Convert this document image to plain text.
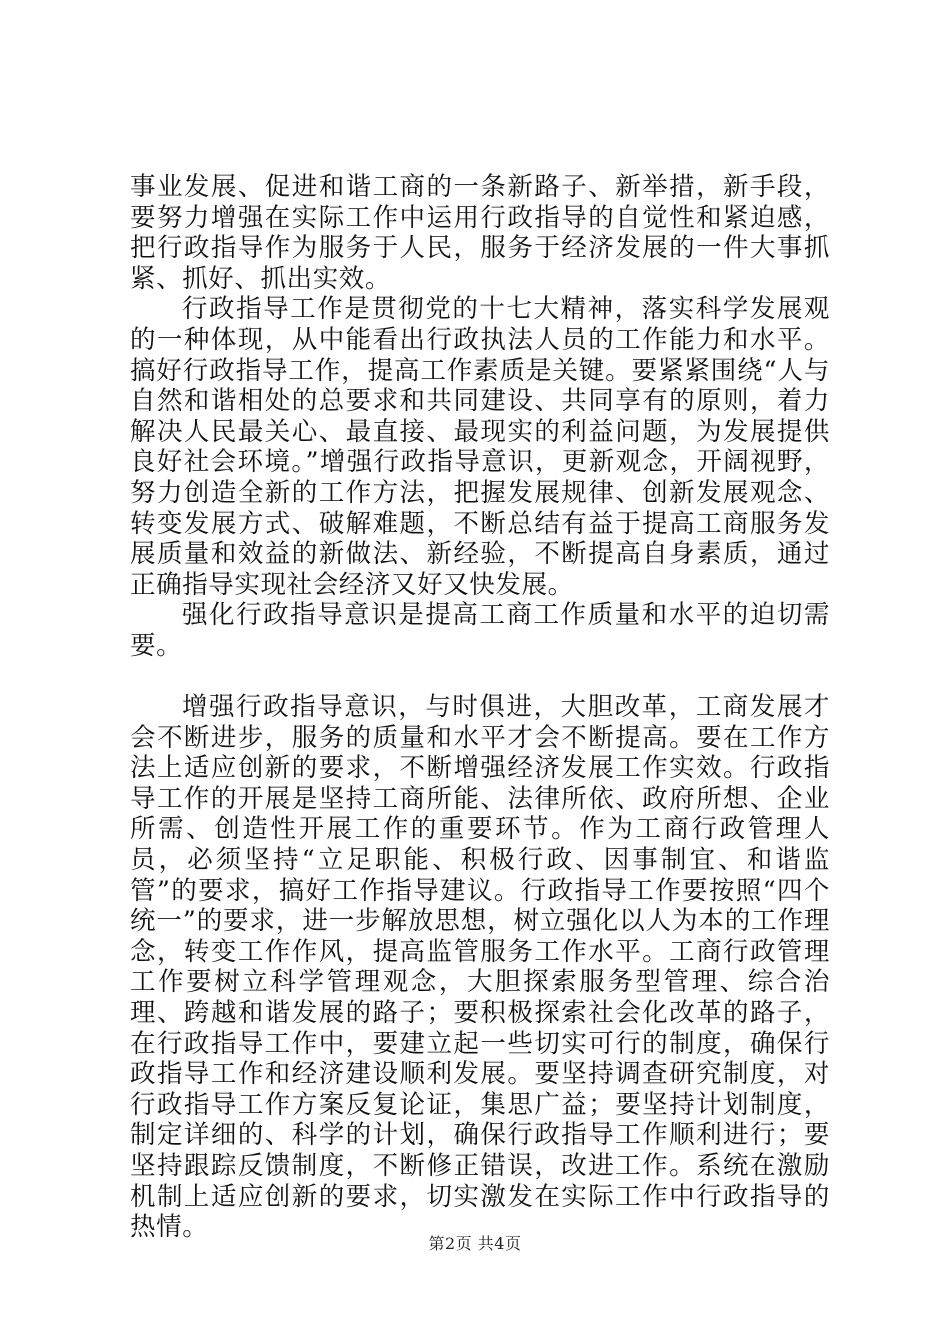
事业发展、促进和谐工商的一条新路子、新举措，新手段，要努力增强在实际工作中运用行政指导的自觉性和紧迫感，把行政指导作为服务于人民，服务于经济发展的一件大事抓紧、抓好、抓出实效。

行政指导工作是贯彻党的十七大精神，落实科学发展观的一种体现，从中能看出行政执法人员的工作能力和水平。搞好行政指导工作，提高工作素质是关键。要紧紧围绕“人与自然和谐相处的总要求和共同建设、共同享有的原则，着力解决人民最关心、最直接、最现实的利益问题，为发展提供良好社会环境。”增强行政指导意识，更新观念，开阔视野，努力创造全新的工作方法，把握发展规律、创新发展观念、转变发展方式、破解难题，不断总结有益于提高工商服务发展质量和效益的新做法、新经验，不断提高自身素质，通过正确指导实现社会经济又好又快发展。

强化行政指导意识是提高工商工作质量和水平的迫切需要。

增强行政指导意识，与时俱进，大胆改革，工商发展才会不断进步，服务的质量和水平才会不断提高。要在工作方法上适应创新的要求，不断增强经济发展工作实效。行政指导工作的开展是坚持工商所能、法律所依、政府所想、企业所需、创造性开展工作的重要环节。作为工商行政管理人员，必须坚持“立足职能、积极行政、因事制宜、和谐监管”的要求，搞好工作指导建议。行政指导工作要按照“四个统一”的要求，进一步解放思想，树立强化以人为本的工作理念，转变工作作风，提高监管服务工作水平。工商行政管理工作要树立科学管理观念，大胆探索服务型管理、综合治理、跨越和谐发展的路子；要积极探索社会化改革的路子，在行政指导工作中，要建立起一些切实可行的制度，确保行政指导工作和经济建设顺利发展。要坚持调查研究制度，对行政指导工作方案反复论证，集思广益；要坚持计划制度，制定详细的、科学的计划，确保行政指导工作顺利进行；要坚持跟踪反馈制度，不断修正错误，改进工作。系统在激励机制上适应创新的要求，切实激发在实际工作中行政指导的热情。

第2页 共4页
